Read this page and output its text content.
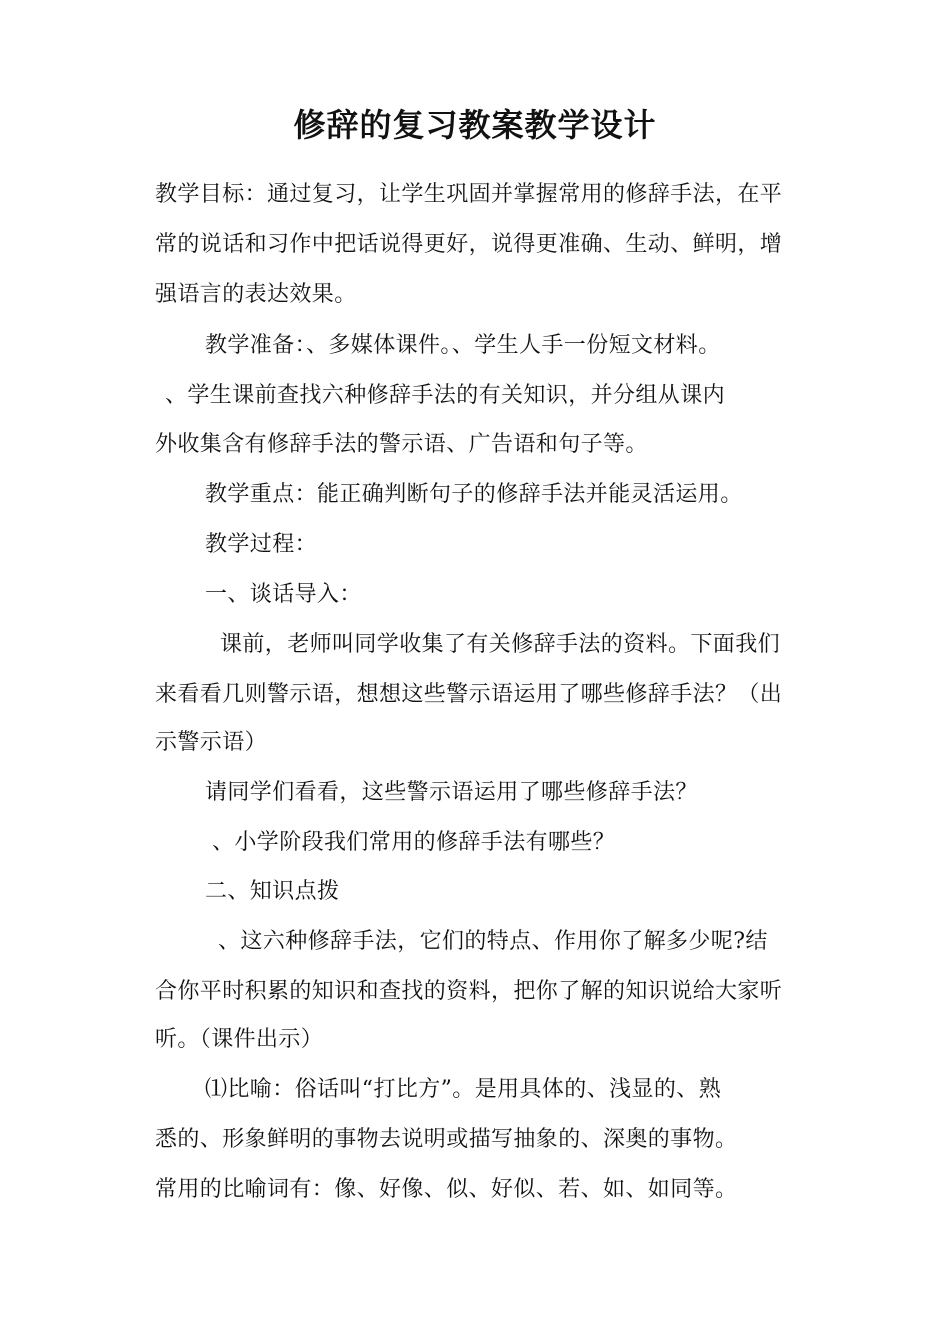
修辞的复习教案教学设计
教学目标：通过复习，让学生巩固并掌握常用的修辞手法，在平
常的说话和习作中把话说得更好，说得更准确、生动、鲜明，增
强语言的表达效果。
教学准备：、多媒体课件。、学生人手一份短文材料。
、学生课前查找六种修辞手法的有关知识，并分组从课内
外收集含有修辞手法的警示语、广告语和句子等。
教学重点：能正确判断句子的修辞手法并能灵活运用。
教学过程：
一、谈话导入：
课前，老师叫同学收集了有关修辞手法的资料。下面我们
来看看几则警示语，想想这些警示语运用了哪些修辞手法？（出
示警示语）
请同学们看看，这些警示语运用了哪些修辞手法？
、小学阶段我们常用的修辞手法有哪些？
二、知识点拨
、这六种修辞手法，它们的特点、作用你了解多少呢?结
合你平时积累的知识和查找的资料，把你了解的知识说给大家听
听。（课件出示）
⑴比喻：俗话叫“打比方”。是用具体的、浅显的、熟
悉的、形象鲜明的事物去说明或描写抽象的、深奥的事物。
常用的比喻词有：像、好像、似、好似、若、如、如同等。
